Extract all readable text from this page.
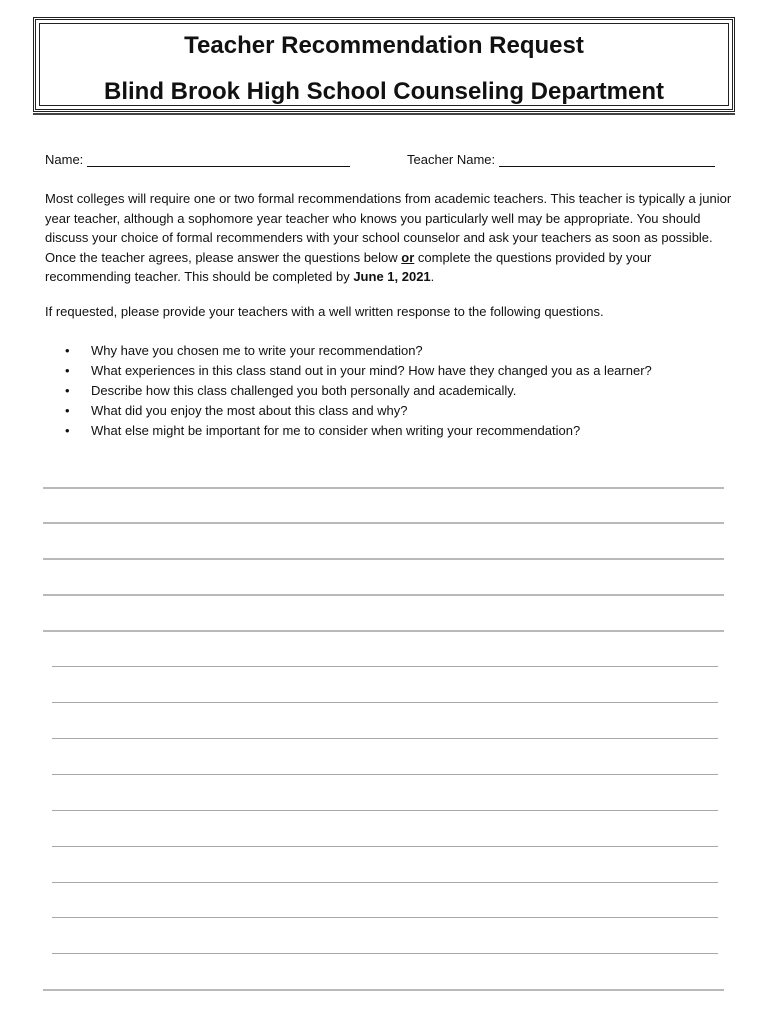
Teacher Recommendation Request
Blind Brook High School Counseling Department
Name:	Teacher Name:
Most colleges will require one or two formal recommendations from academic teachers. This teacher is typically a junior year teacher, although a sophomore year teacher who knows you particularly well may be appropriate. You should discuss your choice of formal recommenders with your school counselor and ask your teachers as soon as possible. Once the teacher agrees, please answer the questions below or complete the questions provided by your recommending teacher. This should be completed by June 1, 2021.
If requested, please provide your teachers with a well written response to the following questions.
• Why have you chosen me to write your recommendation?
• What experiences in this class stand out in your mind? How have they changed you as a learner?
• Describe how this class challenged you both personally and academically.
• What did you enjoy the most about this class and why?
• What else might be important for me to consider when writing your recommendation?
